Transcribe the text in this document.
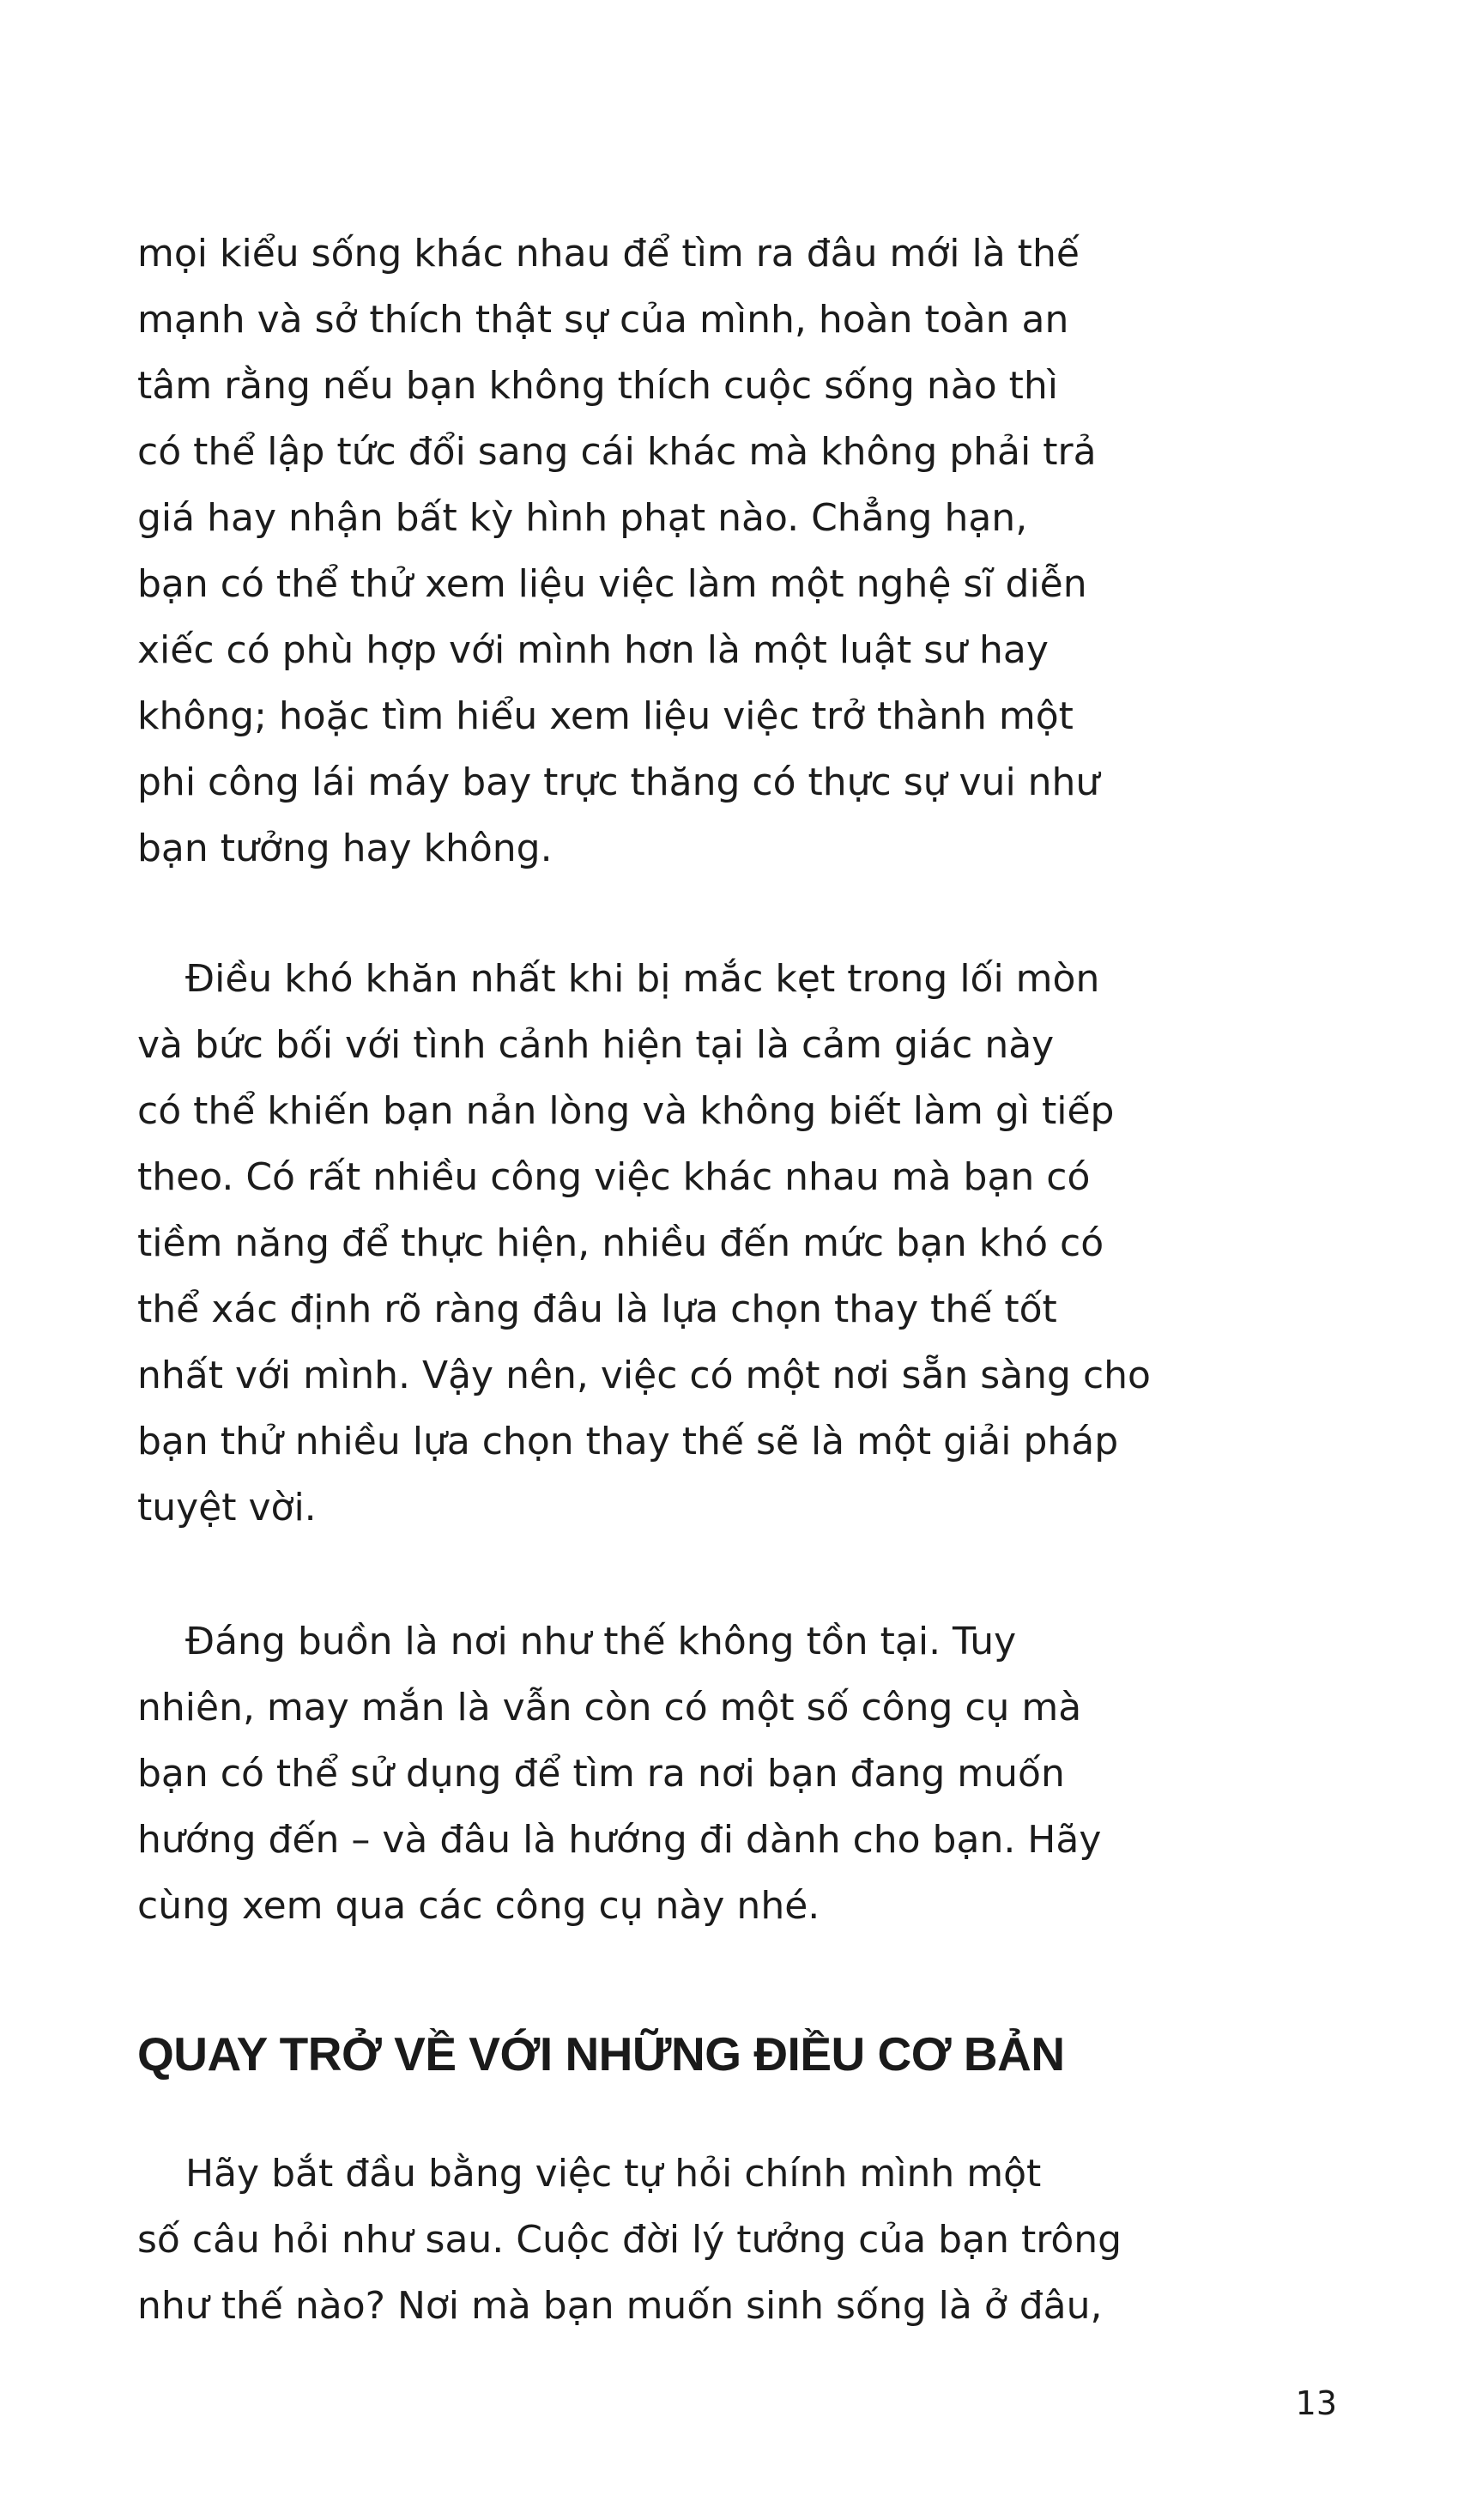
mọi kiểu sống khác nhau để tìm ra đâu mới là thế
mạnh và sở thích thật sự của mình, hoàn toàn an
tâm rằng nếu bạn không thích cuộc sống nào thì
có thể lập tức đổi sang cái khác mà không phải trả
giá hay nhận bất kỳ hình phạt nào. Chẳng hạn,
bạn có thể thử xem liệu việc làm một nghệ sĩ diễn
xiếc có phù hợp với mình hơn là một luật sư hay
không; hoặc tìm hiểu xem liệu việc trở thành một
phi công lái máy bay trực thăng có thực sự vui như
bạn tưởng hay không.
Điều khó khăn nhất khi bị mắc kẹt trong lối mòn
và bức bối với tình cảnh hiện tại là cảm giác này
có thể khiến bạn nản lòng và không biết làm gì tiếp
theo. Có rất nhiều công việc khác nhau mà bạn có
tiềm năng để thực hiện, nhiều đến mức bạn khó có
thể xác định rõ ràng đâu là lựa chọn thay thế tốt
nhất với mình. Vậy nên, việc có một nơi sẵn sàng cho
bạn thử nhiều lựa chọn thay thế sẽ là một giải pháp
tuyệt vời.
Đáng buồn là nơi như thế không tồn tại. Tuy
nhiên, may mắn là vẫn còn có một số công cụ mà
bạn có thể sử dụng để tìm ra nơi bạn đang muốn
hướng đến – và đâu là hướng đi dành cho bạn. Hãy
cùng xem qua các công cụ này nhé.
QUAY TRỞ VỀ VỚI NHỮNG ĐIỀU CƠ BẢN
Hãy bắt đầu bằng việc tự hỏi chính mình một
số câu hỏi như sau. Cuộc đời lý tưởng của bạn trông
như thế nào? Nơi mà bạn muốn sinh sống là ở đâu,
13
